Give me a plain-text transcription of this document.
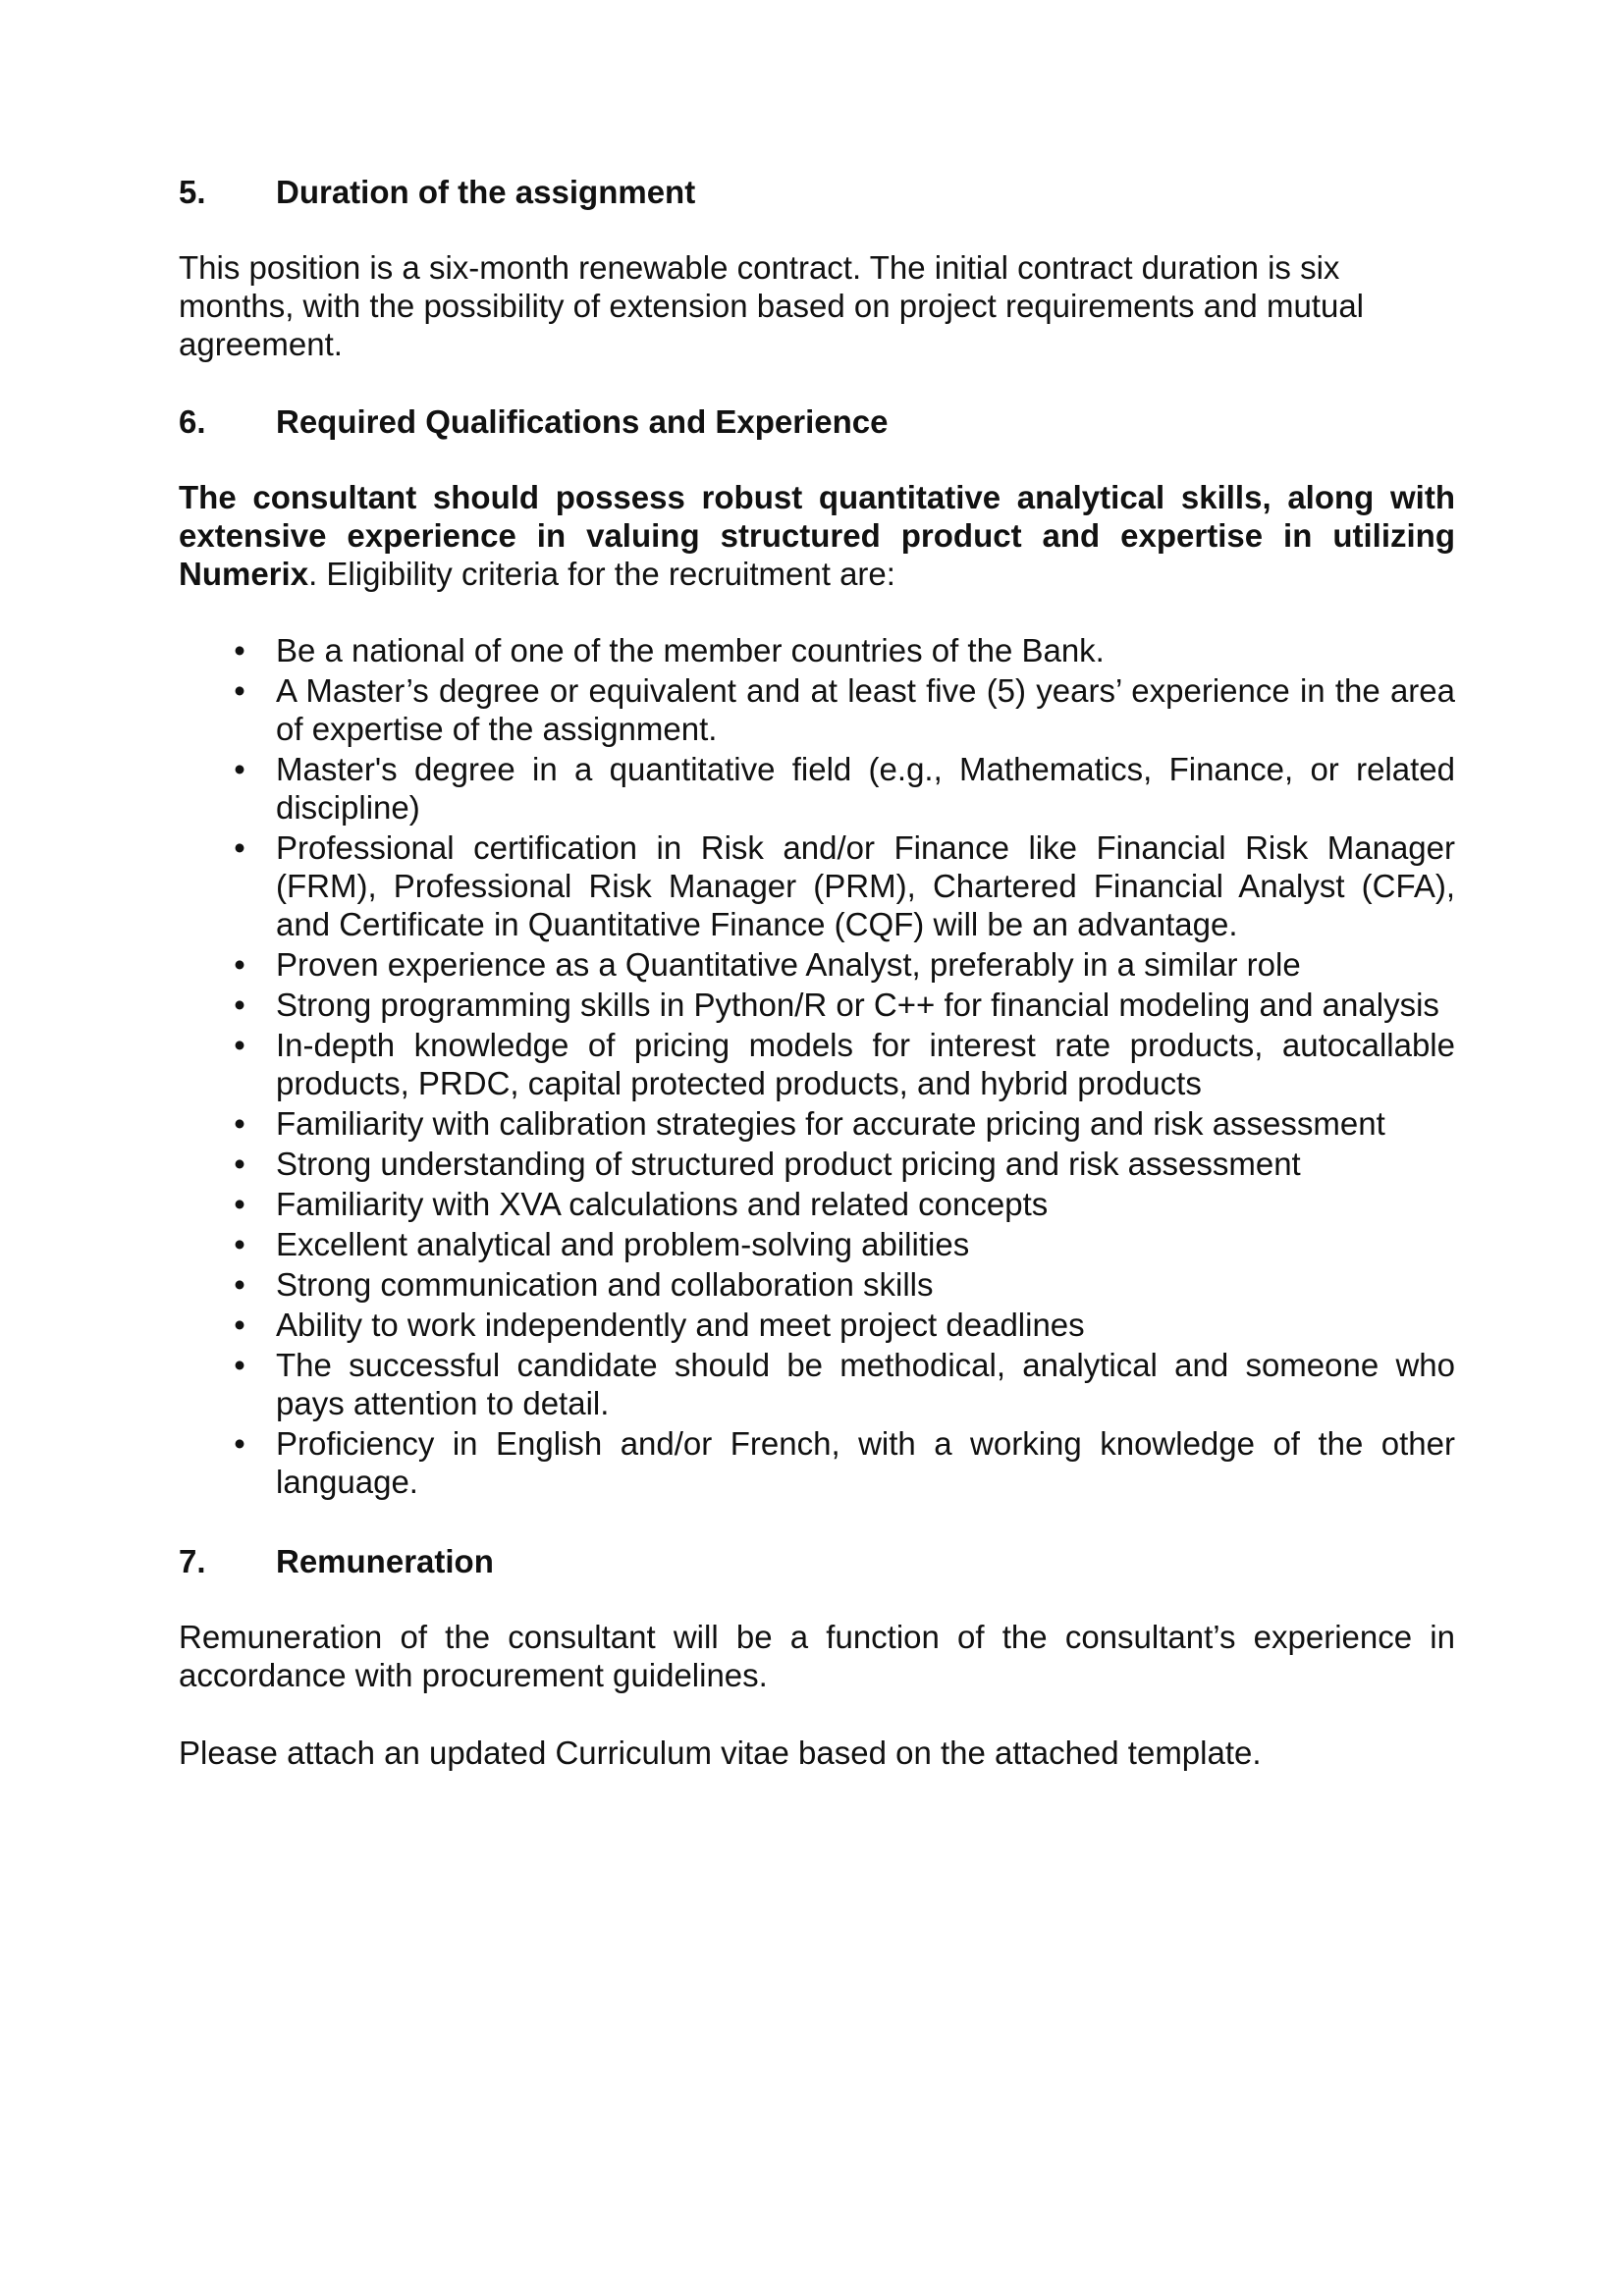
5.	Duration of the assignment

This position is a six-month renewable contract. The initial contract duration is six months, with the possibility of extension based on project requirements and mutual agreement.

6.	Required Qualifications and Experience

The consultant should possess robust quantitative analytical skills, along with extensive experience in valuing structured product and expertise in utilizing Numerix. Eligibility criteria for the recruitment are:

• Be a national of one of the member countries of the Bank.
• A Master’s degree or equivalent and at least five (5) years’ experience in the area of expertise of the assignment.
• Master's degree in a quantitative field (e.g., Mathematics, Finance, or related discipline)
• Professional certification in Risk and/or Finance like Financial Risk Manager (FRM), Professional Risk Manager (PRM), Chartered Financial Analyst (CFA), and Certificate in Quantitative Finance (CQF) will be an advantage.
• Proven experience as a Quantitative Analyst, preferably in a similar role
• Strong programming skills in Python/R or C++ for financial modeling and analysis
• In-depth knowledge of pricing models for interest rate products, autocallable products, PRDC, capital protected products, and hybrid products
• Familiarity with calibration strategies for accurate pricing and risk assessment
• Strong understanding of structured product pricing and risk assessment
• Familiarity with XVA calculations and related concepts
• Excellent analytical and problem-solving abilities
• Strong communication and collaboration skills
• Ability to work independently and meet project deadlines
• The successful candidate should be methodical, analytical and someone who pays attention to detail.
• Proficiency in English and/or French, with a working knowledge of the other language.
7.	Remuneration

Remuneration of the consultant will be a function of the consultant’s experience in accordance with procurement guidelines.

Please attach an updated Curriculum vitae based on the attached template.
